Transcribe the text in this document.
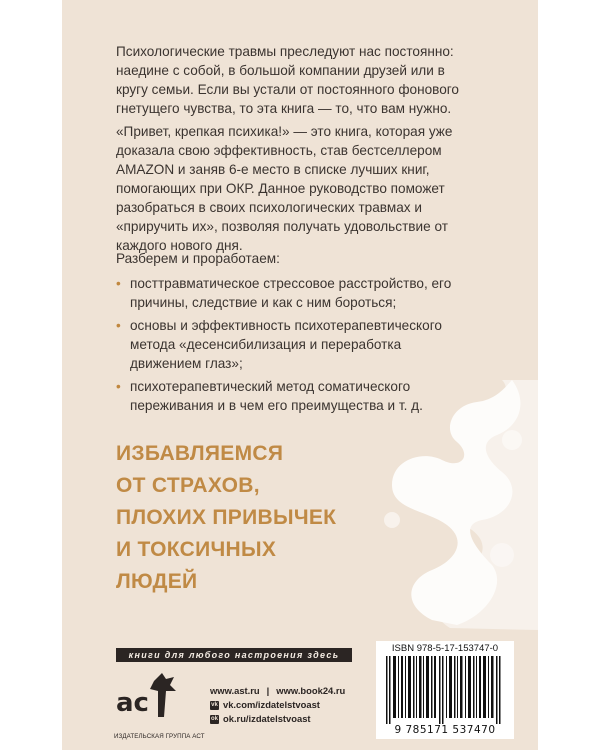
Психологические травмы преследуют нас постоянно: наедине с собой, в большой компании друзей или в кругу семьи. Если вы устали от постоянного фонового гнетущего чувства, то эта книга — то, что вам нужно.

«Привет, крепкая психика!» — это книга, которая уже доказала свою эффективность, став бестселлером AMAZON и заняв 6-е место в списке лучших книг, помогающих при ОКР. Данное руководство поможет разобраться в своих психологических травмах и «приручить их», позволяя получать удовольствие от каждого нового дня.

Разберем и проработаем:

• посттравматическое стрессовое расстройство, его причины, следствие и как с ним бороться;
• основы и эффективность психотерапевтического метода «десенсибилизация и переработка движением глаз»;
• психотерапевтический метод соматического переживания и в чем его преимущества и т. д.
ИЗБАВЛЯЕМСЯ
ОТ СТРАХОВ,
ПЛОХИХ ПРИВЫЧЕК
И ТОКСИЧНЫХ
ЛЮДЕЙ
книги для любого настроения здесь
ac
ИЗДАТЕЛЬСКАЯ ГРУППА АСТ
www.ast.ru | www.book24.ru
vk vk.com/izdatelstvoast
ok ok.ru/izdatelstvoast
ISBN 978-5-17-153747-0
9 785171 537470
